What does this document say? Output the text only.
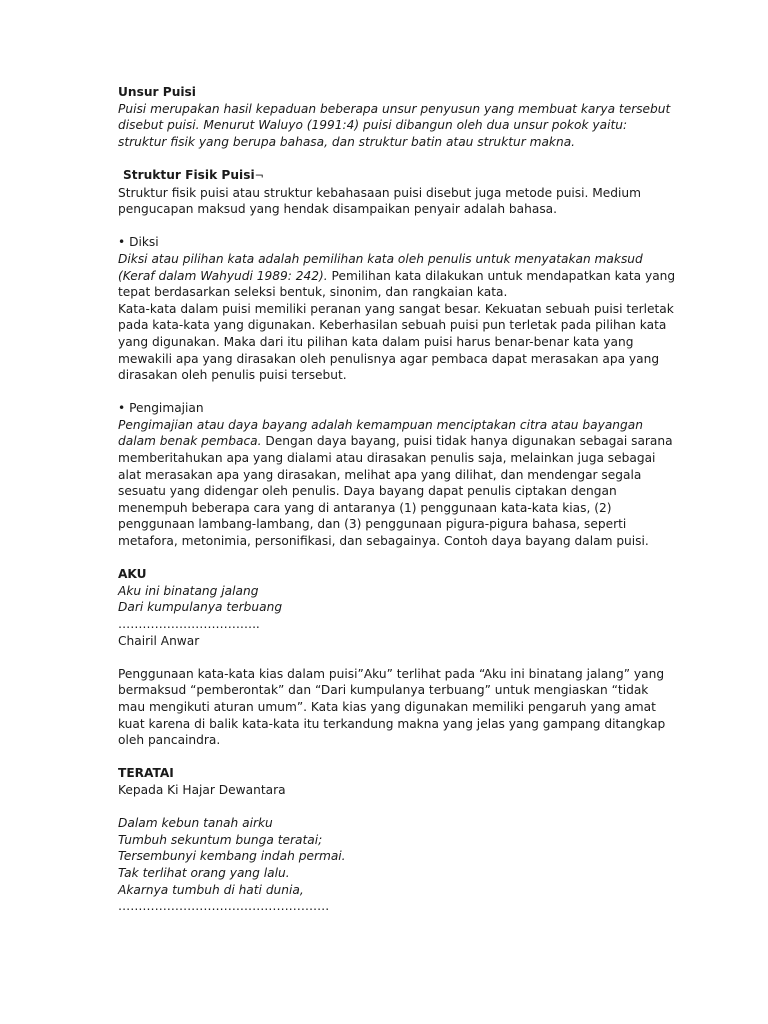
Unsur Puisi

Puisi merupakan hasil kepaduan beberapa unsur penyusun yang membuat karya tersebut disebut puisi. Menurut Waluyo (1991:4) puisi dibangun oleh dua unsur pokok yaitu: struktur fisik yang berupa bahasa, dan struktur batin atau struktur makna.

Struktur Fisik Puisi¬

Struktur fisik puisi atau struktur kebahasaan puisi disebut juga metode puisi. Medium pengucapan maksud yang hendak disampaikan penyair adalah bahasa.

• Diksi

Diksi atau pilihan kata adalah pemilihan kata oleh penulis untuk menyatakan maksud (Keraf dalam Wahyudi 1989: 242). Pemilihan kata dilakukan untuk mendapatkan kata yang tepat berdasarkan seleksi bentuk, sinonim, dan rangkaian kata.

Kata-kata dalam puisi memiliki peranan yang sangat besar. Kekuatan sebuah puisi terletak pada kata-kata yang digunakan. Keberhasilan sebuah puisi pun terletak pada pilihan kata yang digunakan. Maka dari itu pilihan kata dalam puisi harus benar-benar kata yang mewakili apa yang dirasakan oleh penulisnya agar pembaca dapat merasakan apa yang dirasakan oleh penulis puisi tersebut.

• Pengimajian

Pengimajian atau daya bayang adalah kemampuan menciptakan citra atau bayangan dalam benak pembaca. Dengan daya bayang, puisi tidak hanya digunakan sebagai sarana memberitahukan apa yang dialami atau dirasakan penulis saja, melainkan juga sebagai alat merasakan apa yang dirasakan, melihat apa yang dilihat, dan mendengar segala sesuatu yang didengar oleh penulis. Daya bayang dapat penulis ciptakan dengan menempuh beberapa cara yang di antaranya (1) penggunaan kata-kata kias, (2) penggunaan lambang-lambang, dan (3) penggunaan pigura-pigura bahasa, seperti metafora, metonimia, personifikasi, dan sebagainya. Contoh daya bayang dalam puisi.

AKU

Aku ini binatang jalang

Dari kumpulanya terbuang

……………………………..

Chairil Anwar

Penggunaan kata-kata kias dalam puisi”Aku” terlihat pada “Aku ini binatang jalang” yang bermaksud “pemberontak” dan “Dari kumpulanya terbuang” untuk mengiaskan “tidak mau mengikuti aturan umum”. Kata kias yang digunakan memiliki pengaruh yang amat kuat karena di balik kata-kata itu terkandung makna yang jelas yang gampang ditangkap oleh pancaindra.

TERATAI

Kepada Ki Hajar Dewantara

Dalam kebun tanah airku

Tumbuh sekuntum bunga teratai;

Tersembunyi kembang indah permai.

Tak terlihat orang yang lalu.

Akarnya tumbuh di hati dunia,

…………………………………………….
